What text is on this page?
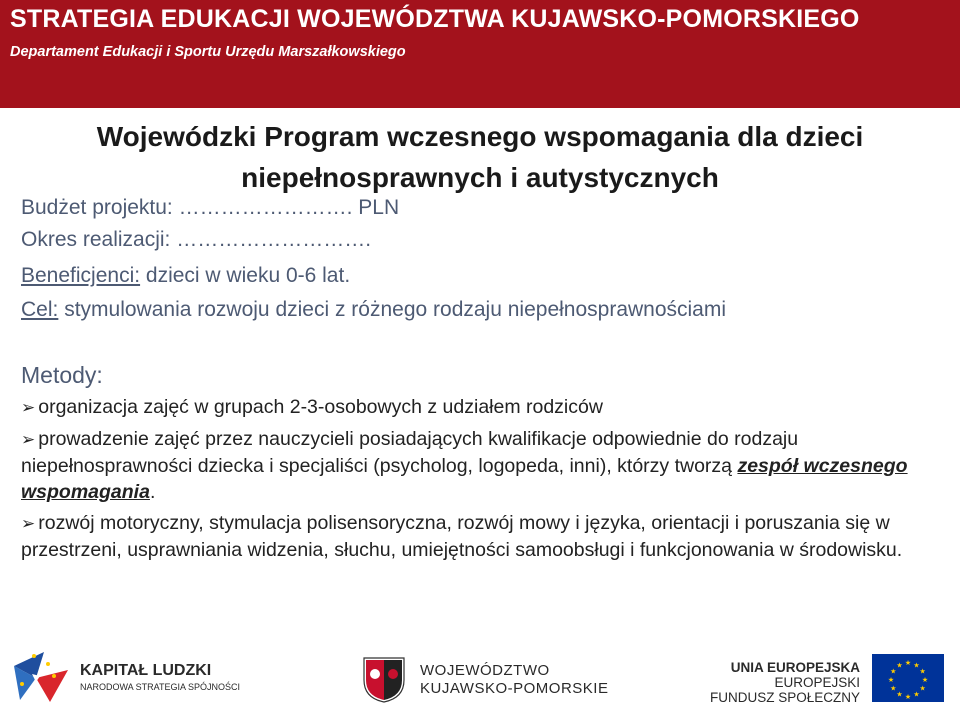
STRATEGIA EDUKACJI WOJEWÓDZTWA KUJAWSKO-POMORSKIEGO
Departament Edukacji i Sportu Urzędu Marszałkowskiego
Wojewódzki Program wczesnego wspomagania dla dzieci
niepełnosprawnych i autystycznych
Budżet projektu: ……………………. PLN
Okres realizacji: ……………………….
Beneficjenci: dzieci w wieku 0-6 lat.
Cel: stymulowania rozwoju dzieci z różnego rodzaju niepełnosprawnościami
Metody:
➢ organizacja zajęć w grupach 2-3-osobowych z udziałem rodziców
➢ prowadzenie zajęć przez nauczycieli posiadających kwalifikacje odpowiednie do rodzaju niepełnosprawności dziecka i specjaliści (psycholog, logopeda, inni), którzy tworzą zespół wczesnego wspomagania.
➢ rozwój motoryczny, stymulacja polisensoryczna, rozwój mowy i języka, orientacji i poruszania się w przestrzeni, usprawniania widzenia, słuchu, umiejętności samoobsługi i funkcjonowania w środowisku.
KAPITAŁ LUDZKI
NARODOWA STRATEGIA SPÓJNOŚCI
WOJEWÓDZTWO
KUJAWSKO-POMORSKIE
UNIA EUROPEJSKA
EUROPEJSKI
FUNDUSZ SPOŁECZNY
★ ★
★
★
★
★
★
★
★
★
★
★
